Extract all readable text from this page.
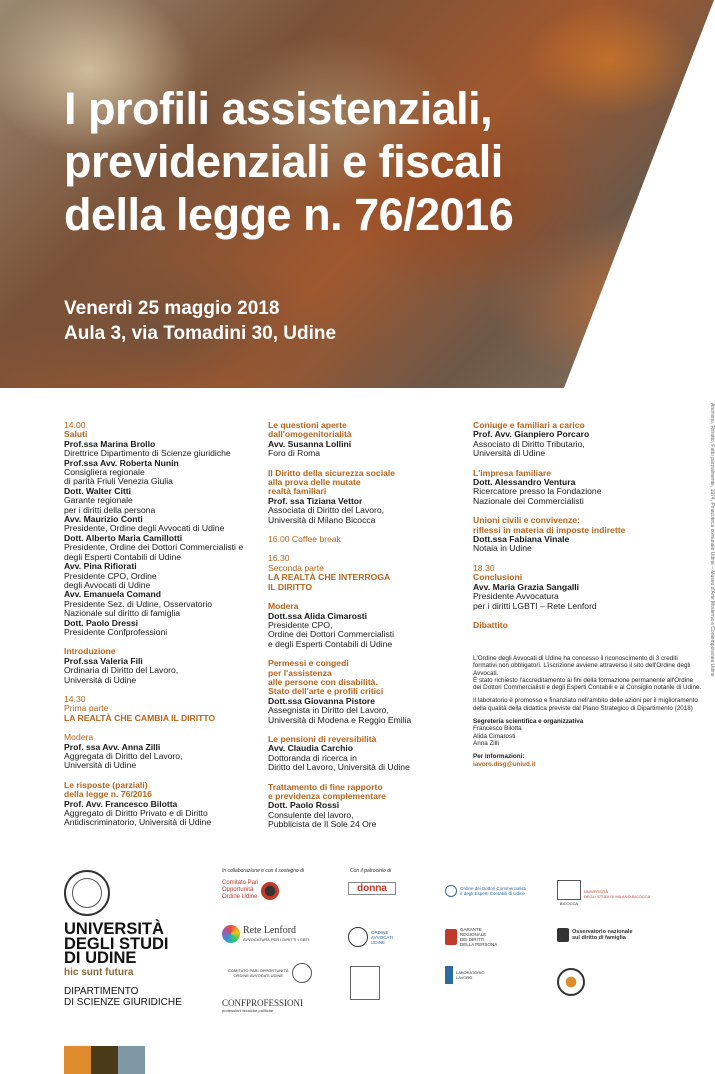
I profili assistenziali,
previdenziali e fiscali
della legge n. 76/2016
Venerdì 25 maggio 2018
Aula 3, via Tomadini 30, Udine
Anonimo, Ritratto, Fatto parzialmente, 1974, Pinacoteca comunale Udine – Museo d'Arte Moderna e Contemporanea Udine
14.00
Saluti
Prof.ssa Marina Brollo
Direttrice Dipartimento di Scienze giuridiche
Prof.ssa Avv. Roberta Nunin
Consigliera regionale
di parità Friuli Venezia Giulia
Dott. Walter Citti
Garante regionale
per i diritti della persona
Avv. Maurizio Conti
Presidente, Ordine degli Avvocati di Udine
Dott. Alberto Maria Camillotti
Presidente, Ordine dei Dottori Commercialisti e
degli Esperti Contabili di Udine
Avv. Pina Rifiorati
Presidente CPO, Ordine
degli Avvocati di Udine
Avv. Emanuela Comand
Presidente Sez. di Udine, Osservatorio
Nazionale sul diritto di famiglia
Dott. Paolo Dressi
Presidente Confprofessioni
Introduzione
Prof.ssa Valeria Filì
Ordinaria di Diritto del Lavoro,
Università di Udine
14.30
Prima parte
LA REALTÀ CHE CAMBIA IL DIRITTO
Modera
Prof. ssa Avv. Anna Zilli
Aggregata di Diritto del Lavoro,
Università di Udine
Le risposte (parziali)
della legge n. 76/2016
Prof. Avv. Francesco Bilotta
Aggregato di Diritto Privato e di Diritto
Antidiscriminatorio, Università di Udine
Le questioni aperte
dall'omogenitorialità
Avv. Susanna Lollini
Foro di Roma
Il Diritto della sicurezza sociale
alla prova delle mutate
realtà familiari
Prof. ssa Tiziana Vettor
Associata di Diritto del Lavoro,
Università di Milano Bicocca
16.00 Coffee break
16.30
Seconda parte
LA REALTÀ CHE INTERROGA
IL DIRITTO
Modera
Dott.ssa Alida Cimarosti
Presidente CPO,
Ordine dei Dottori Commercialisti
e degli Esperti Contabili di Udine
Permessi e congedi
per l'assistenza
alle persone con disabilità.
Stato dell'arte e profili critici
Dott.ssa Giovanna Pistore
Assegnista in Diritto del Lavoro,
Università di Modena e Reggio Emilia
Le pensioni di reversibilità
Avv. Claudia Carchio
Dottoranda di ricerca in
Diritto del Lavoro, Università di Udine
Trattamento di fine rapporto
e previdenza complementare
Dott. Paolo Rossi
Consulente del lavoro,
Pubblicista de Il Sole 24 Ore
Coniuge e familiari a carico
Prof. Avv. Gianpiero Porcaro
Associato di Diritto Tributario,
Università di Udine
L'impresa familiare
Dott. Alessandro Ventura
Ricercatore presso la Fondazione
Nazionale dei Commercialisti
Unioni civili e convivenze:
riflessi in materia di imposte indirette
Dott.ssa Fabiana Vinale
Notaia in Udine
18.30
Conclusioni
Avv. Maria Grazia Sangalli
Presidente Avvocatura
per i diritti LGBTI – Rete Lenford
Dibattito
L'Ordine degli Avvocati di Udine ha concesso il riconoscimento di 3 crediti formativi non obbligatori. L'iscrizione avviene attraverso il sito dell'Ordine degli Avvocati.
È stato richiesto l'accreditamento ai fini della formazione permanente all'Ordine dei Dottori Commercialisti e degli Esperti Contabili e al Consiglio notarile di Udine.
Il laboratorio è promosso e finanziato nell'ambito delle azioni per il miglioramento della qualità della didattica previste dal Piano Strategico di Dipartimento (2018)
Segreteria scientifica e organizzativa
Francesco Bilotta
Alida Cimarosti
Anna Zilli
Per informazioni:
lavoro.disg@uniud.it
UNIVERSITÀ
DEGLI STUDI
DI UDINE
hic sunt futura
DIPARTIMENTO
DI SCIENZE GIURIDICHE
In collaborazione e con il sostegno di	Con il patrocinio di
Comitato Pari
Opportunità
Ordine Udine
Rete Lenford
AVVOCATURA PER I DIRITTI LGBTI
COMITATO PARI OPPORTUNITÀ
ORDINE AVVOCATI UDINE
CONFPROFESSIONI
professioni tecniche politiche
donna	Ordine dei Dottori Commercialisti
e degli Esperti Contabili di Udine
BICOCCA
UNIVERSITÀ
DEGLI STUDI DI MILANO-BICOCCA
ORDINE
AVVOCATI
UDINE
GARANTE
REGIONALE
DEI DIRITTI
DELLA PERSONA
Osservatorio nazionale
sul diritto di famiglia
LABORATORIO
LAVORO
